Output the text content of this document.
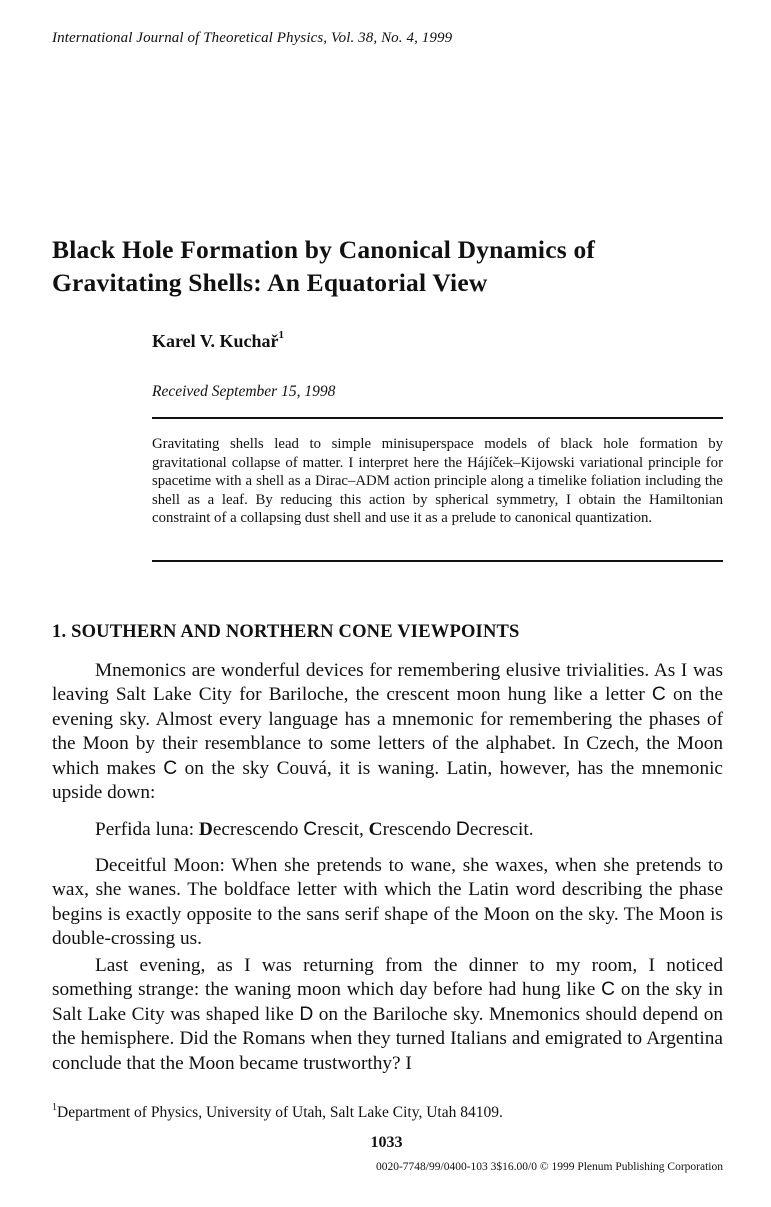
International Journal of Theoretical Physics, Vol. 38, No. 4, 1999
Black Hole Formation by Canonical Dynamics of
Gravitating Shells: An Equatorial View
Karel V. Kuchař$^1$
Received September 15, 1998

Gravitating shells lead to simple minisuperspace models of black hole formation by gravitational collapse of matter. I interpret here the Hájíček–Kijowski variational principle for spacetime with a shell as a Dirac–ADM action principle along a timelike foliation including the shell as a leaf. By reducing this action by spherical symmetry, I obtain the Hamiltonian constraint of a collapsing dust shell and use it as a prelude to canonical quantization.

1. SOUTHERN AND NORTHERN CONE VIEWPOINTS

Mnemonics are wonderful devices for remembering elusive trivialities. As I was leaving Salt Lake City for Bariloche, the crescent moon hung like a letter C on the evening sky. Almost every language has a mnemonic for remembering the phases of the Moon by their resemblance to some letters of the alphabet. In Czech, the Moon which makes C on the sky Couvá, it is waning. Latin, however, has the mnemonic upside down:

Perfida luna: Decrescendo Crescit, Crescendo Decrescit.

Deceitful Moon: When she pretends to wane, she waxes, when she pretends to wax, she wanes. The boldface letter with which the Latin word describing the phase begins is exactly opposite to the sans serif shape of the Moon on the sky. The Moon is double-crossing us.

Last evening, as I was returning from the dinner to my room, I noticed something strange: the waning moon which day before had hung like C on the sky in Salt Lake City was shaped like D on the Bariloche sky. Mnemonics should depend on the hemisphere. Did the Romans when they turned Italians and emigrated to Argentina conclude that the Moon became trustworthy? I

$^1$Department of Physics, University of Utah, Salt Lake City, Utah 84109.
1033
0020-7748/99/0400-103 3$16.00/0 © 1999 Plenum Publishing Corporation
